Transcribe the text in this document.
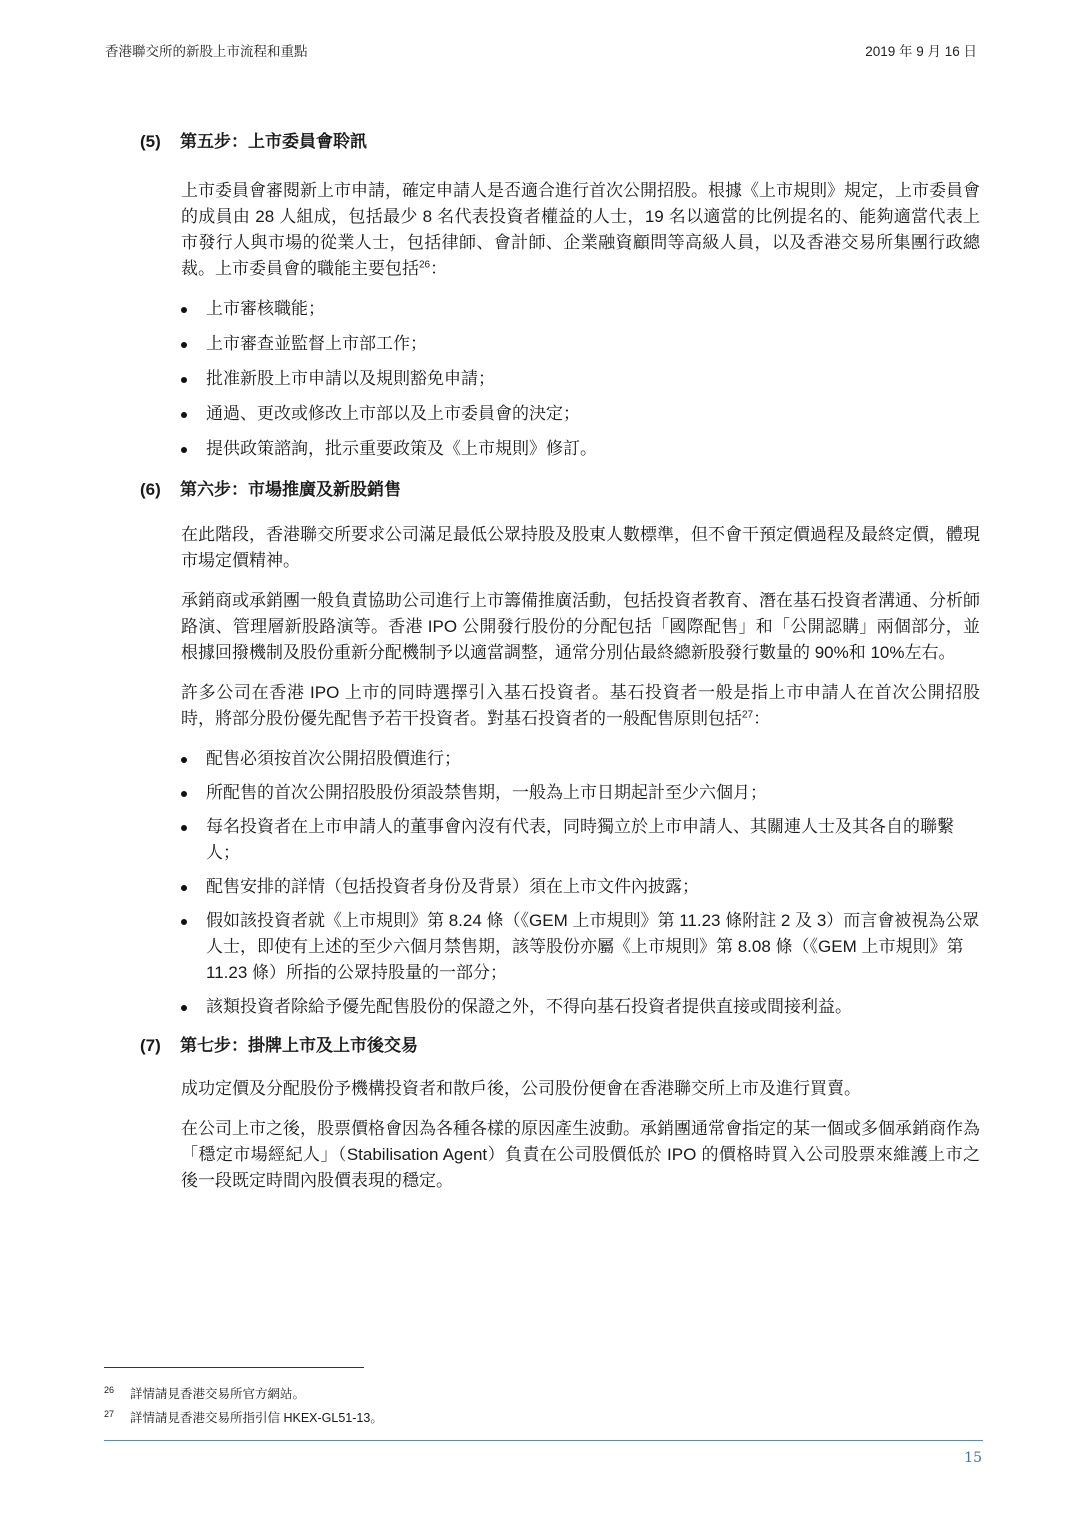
香港聯交所的新股上市流程和重點	2019 年 9 月 16 日
(5)	第五步：上市委員會聆訊

上市委員會審閱新上市申請，確定申請人是否適合進行首次公開招股。根據《上市規則》規定，上市委員會的成員由 28 人組成，包括最少 8 名代表投資者權益的人士，19 名以適當的比例提名的、能夠適當代表上市發行人與市場的從業人士，包括律師、會計師、企業融資顧問等高級人員，以及香港交易所集團行政總裁。上市委員會的職能主要包括$^{26}$：

上市審核職能；
上市審查並監督上市部工作；
批准新股上市申請以及規則豁免申請；
通過、更改或修改上市部以及上市委員會的決定；
提供政策諮詢，批示重要政策及《上市規則》修訂。
(6)	第六步：市場推廣及新股銷售

在此階段，香港聯交所要求公司滿足最低公眾持股及股東人數標準，但不會干預定價過程及最終定價，體現市場定價精神。

承銷商或承銷團一般負責協助公司進行上市籌備推廣活動，包括投資者教育、潛在基石投資者溝通、分析師路演、管理層新股路演等。香港 IPO 公開發行股份的分配包括「國際配售」和「公開認購」兩個部分，並根據回撥機制及股份重新分配機制予以適當調整，通常分別佔最終總新股發行數量的 90%和 10%左右。

許多公司在香港 IPO 上市的同時選擇引入基石投資者。基石投資者一般是指上市申請人在首次公開招股時，將部分股份優先配售予若干投資者。對基石投資者的一般配售原則包括$^{27}$：

配售必須按首次公開招股價進行；
所配售的首次公開招股股份須設禁售期，一般為上市日期起計至少六個月；
每名投資者在上市申請人的董事會內沒有代表，同時獨立於上市申請人、其關連人士及其各自的聯繫人；
配售安排的詳情（包括投資者身份及背景）須在上市文件內披露；
假如該投資者就《上市規則》第 8.24 條（《GEM 上市規則》第 11.23 條附註 2 及 3）而言會被視為公眾人士，即使有上述的至少六個月禁售期，該等股份亦屬《上市規則》第 8.08 條（《GEM 上市規則》第 11.23 條）所指的公眾持股量的一部分；
該類投資者除給予優先配售股份的保證之外，不得向基石投資者提供直接或間接利益。
(7)	第七步：掛牌上市及上市後交易

成功定價及分配股份予機構投資者和散戶後，公司股份便會在香港聯交所上市及進行買賣。

在公司上市之後，股票價格會因為各種各樣的原因產生波動。承銷團通常會指定的某一個或多個承銷商作為「穩定市場經紀人」（Stabilisation Agent）負責在公司股價低於 IPO 的價格時買入公司股票來維護上市之後一段既定時間內股價表現的穩定。

26	詳情請見香港交易所官方網站。
27	詳情請見香港交易所指引信 HKEX-GL51-13。
15
